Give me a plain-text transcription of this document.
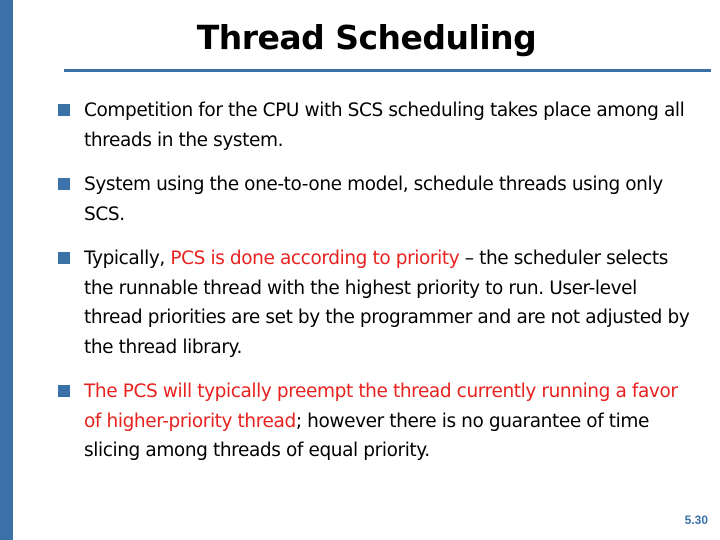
Thread Scheduling
Competition for the CPU with SCS scheduling takes place among all threads in the system.
System using the one-to-one model, schedule threads using only SCS.
Typically, PCS is done according to priority – the scheduler selects the runnable thread with the highest priority to run. User-level thread priorities are set by the programmer and are not adjusted by the thread library.
The PCS will typically preempt the thread currently running a favor of higher-priority thread; however there is no guarantee of time slicing among threads of equal priority.
5.30
